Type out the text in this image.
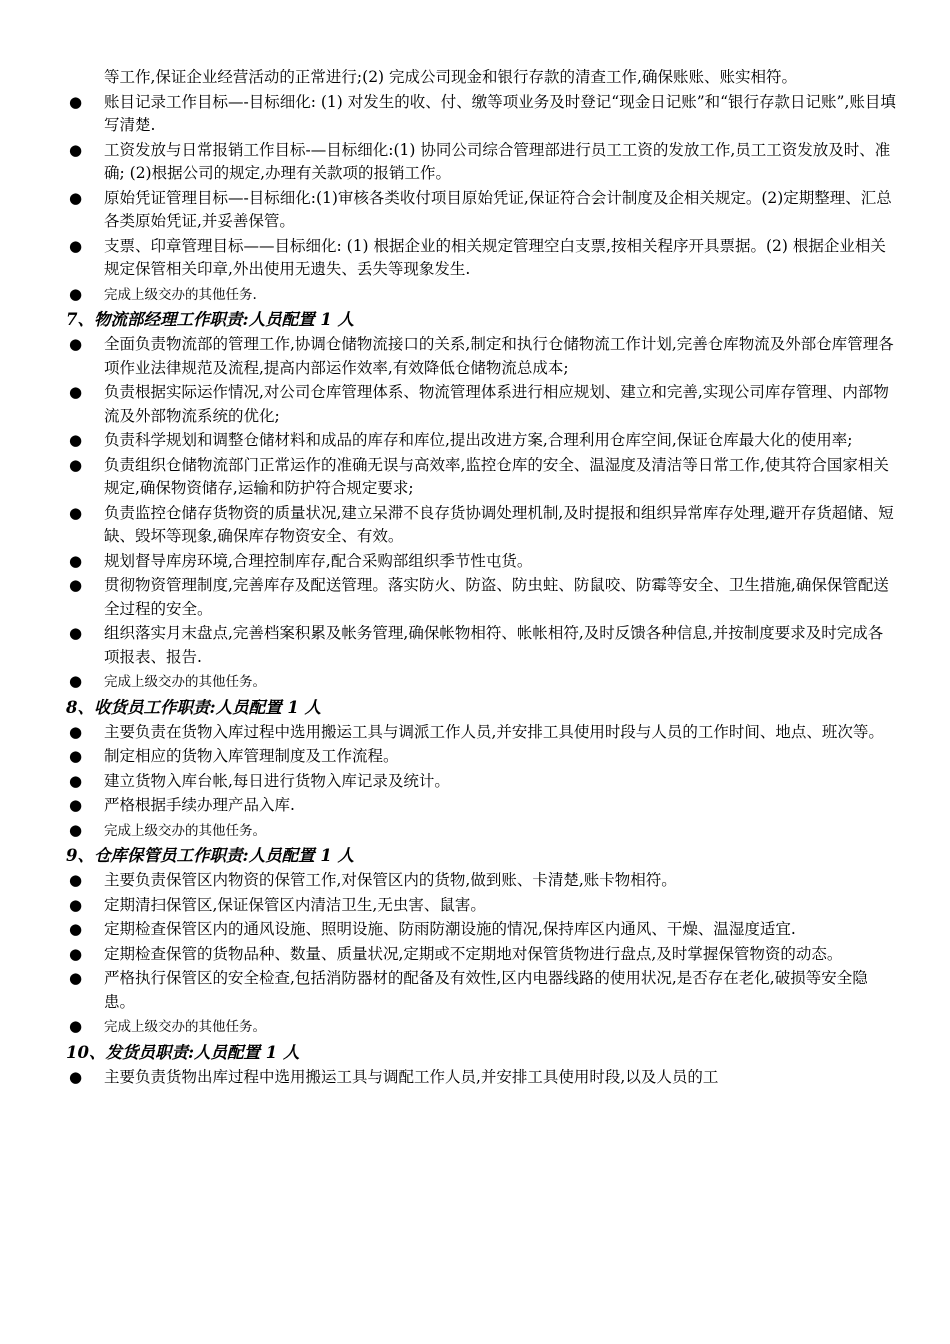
等工作,保证企业经营活动的正常进行;(2) 完成公司现金和银行存款的清查工作,确保账账、账实相符。

● 账目记录工作目标—-目标细化: (1) 对发生的收、付、缴等项业务及时登记“现金日记账”和“银行存款日记账”,账目填写清楚.
● 工资发放与日常报销工作目标-—目标细化:(1) 协同公司综合管理部进行员工工资的发放工作,员工工资发放及时、准确; (2)根据公司的规定,办理有关款项的报销工作。
● 原始凭证管理目标—-目标细化:(1)审核各类收付项目原始凭证,保证符合会计制度及企相关规定。(2)定期整理、汇总各类原始凭证,并妥善保管。
● 支票、印章管理目标——目标细化: (1) 根据企业的相关规定管理空白支票,按相关程序开具票据。(2) 根据企业相关规定保管相关印章,外出使用无遗失、丢失等现象发生.
● 完成上级交办的其他任务.
7、物流部经理工作职责:人员配置 1 人
● 全面负责物流部的管理工作,协调仓储物流接口的关系,制定和执行仓储物流工作计划,完善仓库物流及外部仓库管理各项作业法律规范及流程,提高内部运作效率,有效降低仓储物流总成本;
● 负责根据实际运作情况,对公司仓库管理体系、物流管理体系进行相应规划、建立和完善,实现公司库存管理、内部物流及外部物流系统的优化;
● 负责科学规划和调整仓储材料和成品的库存和库位,提出改进方案,合理利用仓库空间,保证仓库最大化的使用率;
● 负责组织仓储物流部门正常运作的准确无误与高效率,监控仓库的安全、温湿度及清洁等日常工作,使其符合国家相关规定,确保物资储存,运输和防护符合规定要求;
● 负责监控仓储存货物资的质量状况,建立呆滞不良存货协调处理机制,及时提报和组织异常库存处理,避开存货超储、短缺、毁坏等现象,确保库存物资安全、有效。
● 规划督导库房环境,合理控制库存,配合采购部组织季节性屯货。
● 贯彻物资管理制度,完善库存及配送管理。落实防火、防盗、防虫蛀、防鼠咬、防霉等安全、卫生措施,确保保管配送全过程的安全。
● 组织落实月末盘点,完善档案积累及帐务管理,确保帐物相符、帐帐相符,及时反馈各种信息,并按制度要求及时完成各项报表、报告.
● 完成上级交办的其他任务。
8、收货员工作职责:人员配置 1 人
● 主要负责在货物入库过程中选用搬运工具与调派工作人员,并安排工具使用时段与人员的工作时间、地点、班次等。
● 制定相应的货物入库管理制度及工作流程。
● 建立货物入库台帐,每日进行货物入库记录及统计。
● 严格根据手续办理产品入库.
● 完成上级交办的其他任务。
9、仓库保管员工作职责:人员配置 1 人
● 主要负责保管区内物资的保管工作,对保管区内的货物,做到账、卡清楚,账卡物相符。
● 定期清扫保管区,保证保管区内清洁卫生,无虫害、鼠害。
● 定期检查保管区内的通风设施、照明设施、防雨防潮设施的情况,保持库区内通风、干燥、温湿度适宜.
● 定期检查保管的货物品种、数量、质量状况,定期或不定期地对保管货物进行盘点,及时掌握保管物资的动态。
● 严格执行保管区的安全检查,包括消防器材的配备及有效性,区内电器线路的使用状况,是否存在老化,破损等安全隐患。
● 完成上级交办的其他任务。
10、发货员职责:人员配置 1 人
● 主要负责货物出库过程中选用搬运工具与调配工作人员,并安排工具使用时段,以及人员的工
